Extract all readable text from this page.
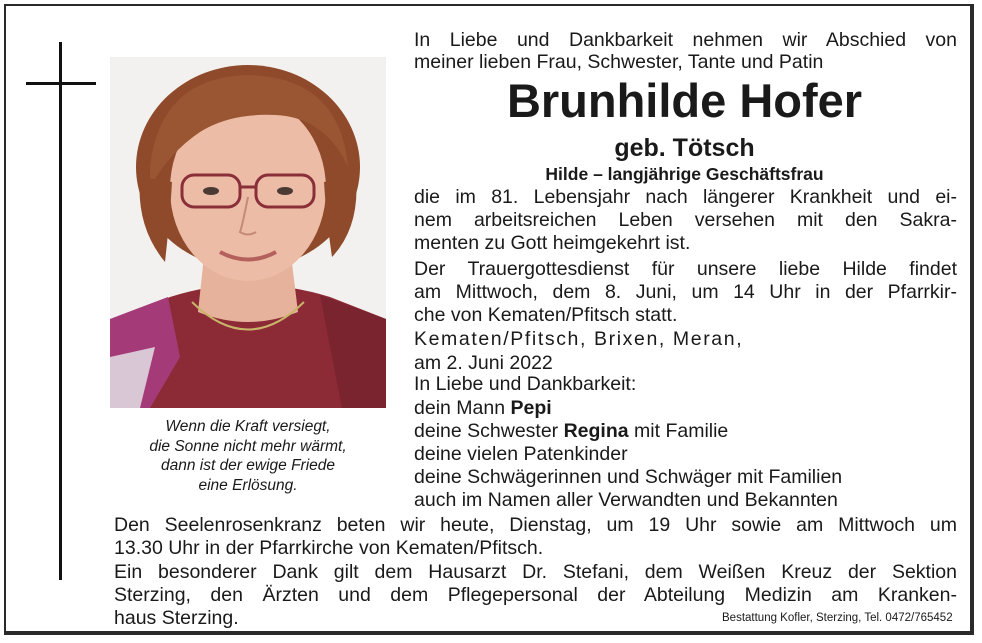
Wenn die Kraft versiegt,
die Sonne nicht mehr wärmt,
dann ist der ewige Friede
eine Erlösung.
In Liebe und Dankbarkeit nehmen wir Abschied von
meiner lieben Frau, Schwester, Tante und Patin
Brunhilde Hofer
geb. Tötsch
Hilde – langjährige Geschäftsfrau
die im 81. Lebensjahr nach längerer Krankheit und ei-
nem arbeitsreichen Leben versehen mit den Sakra-
menten zu Gott heimgekehrt ist.
Der Trauergottesdienst für unsere liebe Hilde findet
am Mittwoch, dem 8. Juni, um 14 Uhr in der Pfarrkir-
che von Kematen/Pfitsch statt.
Kematen/Pfitsch, Brixen, Meran,
am 2. Juni 2022
In Liebe und Dankbarkeit:
dein Mann Pepi
deine Schwester Regina mit Familie
deine vielen Patenkinder
deine Schwägerinnen und Schwäger mit Familien
auch im Namen aller Verwandten und Bekannten
Den Seelenrosenkranz beten wir heute, Dienstag, um 19 Uhr sowie am Mittwoch um
13.30 Uhr in der Pfarrkirche von Kematen/Pfitsch.
Ein besonderer Dank gilt dem Hausarzt Dr. Stefani, dem Weißen Kreuz der Sektion
Sterzing, den Ärzten und dem Pflegepersonal der Abteilung Medizin am Kranken-
haus Sterzing.	Bestattung Kofler, Sterzing, Tel. 0472/765452
